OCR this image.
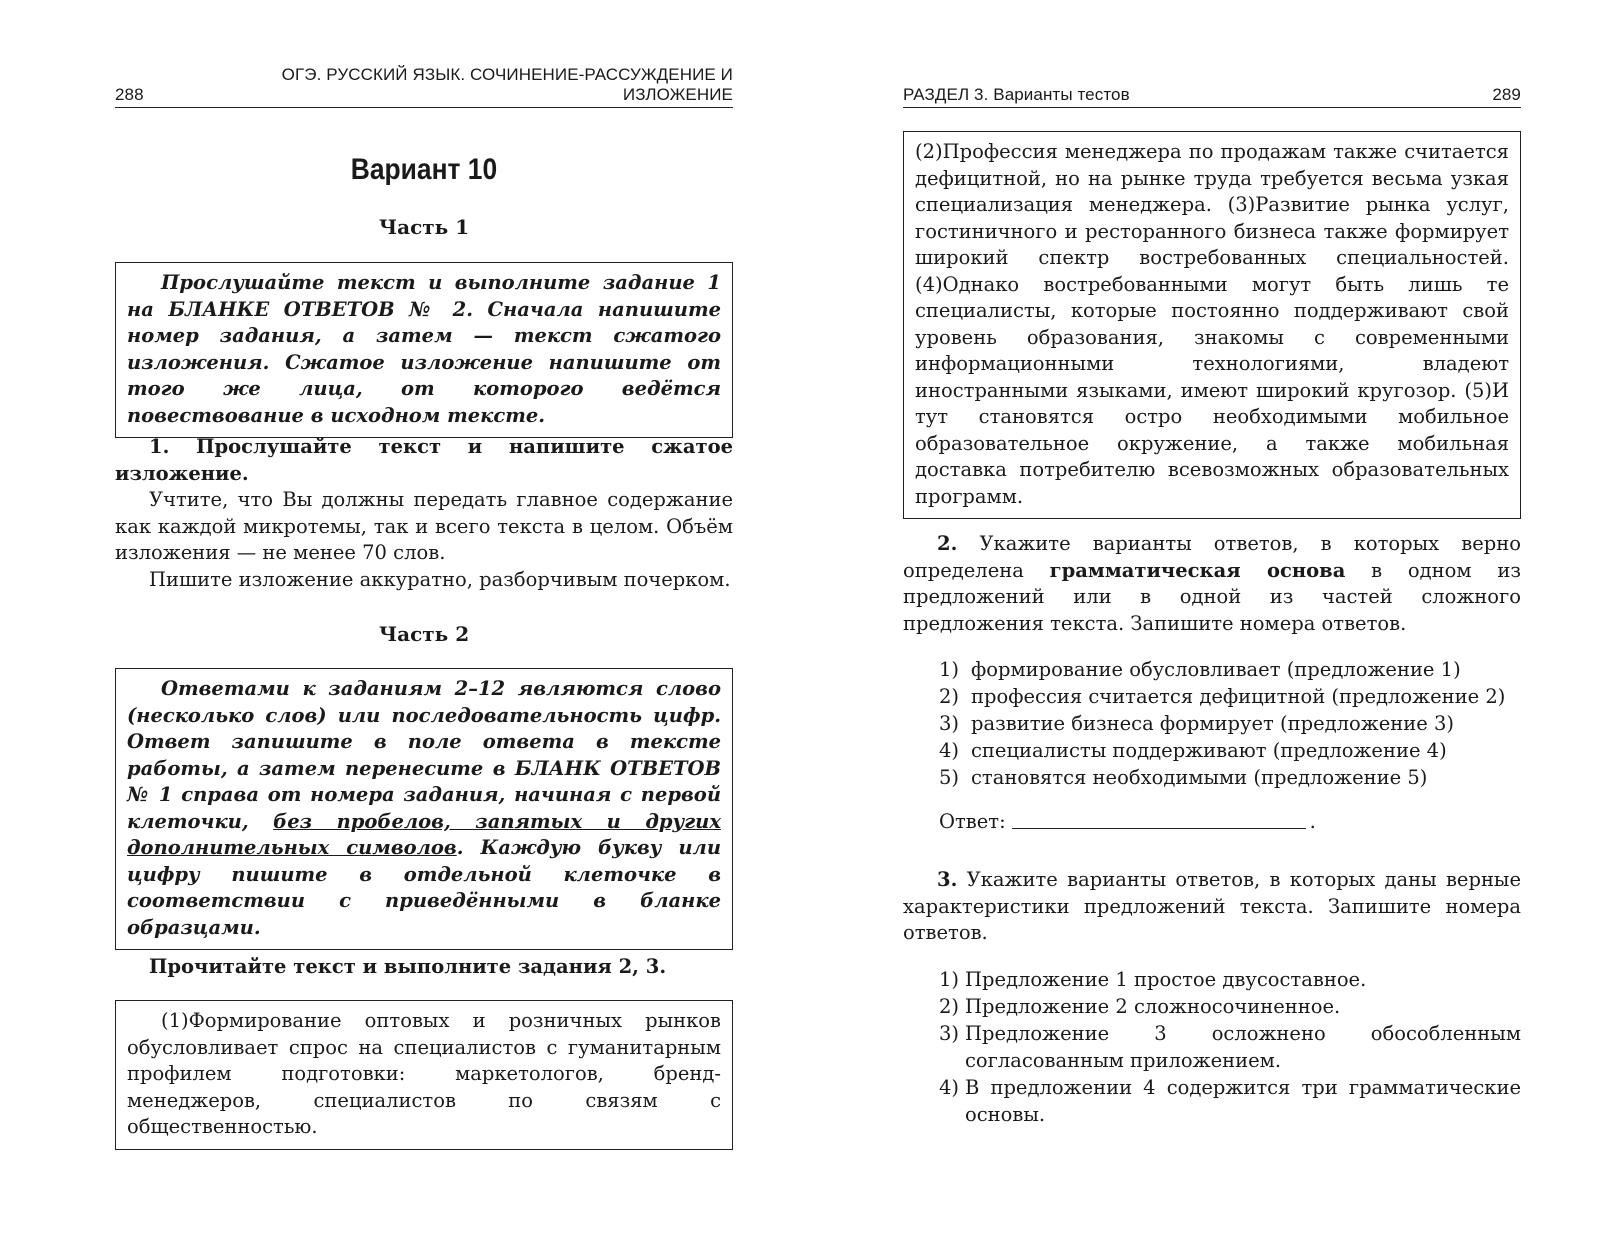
288
ОГЭ. РУССКИЙ ЯЗЫК. СОЧИНЕНИЕ-РАССУЖДЕНИЕ И ИЗЛОЖЕНИЕ
Вариант 10
Часть 1

Прослушайте текст и выполните задание 1 на БЛАНКЕ ОТВЕТОВ № 2. Сначала напишите номер задания, а затем — текст сжатого изложения. Сжатое изложение напишите от того же лица, от которого ведётся повествование в исходном тексте.

1. Прослушайте текст и напишите сжатое изложение.

Учтите, что Вы должны передать главное содержание как каждой микротемы, так и всего текста в целом. Объём изложения — не менее 70 слов.

Пишите изложение аккуратно, разборчивым почерком.

Часть 2

Ответами к заданиям 2–12 являются слово (несколько слов) или последовательность цифр. Ответ запишите в поле ответа в тексте работы, а затем перенесите в БЛАНК ОТВЕТОВ № 1 справа от номера задания, начиная с первой клеточки, без пробелов, запятых и других дополнительных символов. Каждую букву или цифру пишите в отдельной клеточке в соответствии с приведёнными в бланке образцами.

Прочитайте текст и выполните задания 2, 3.

(1)Формирование оптовых и розничных рынков обусловливает спрос на специалистов с гуманитарным профилем подготовки: маркетологов, бренд-менеджеров, специалистов по связям с общественностью.

РАЗДЕЛ 3. Варианты тестов	289

(2)Профессия менеджера по продажам также считается дефицитной, но на рынке труда требуется весьма узкая специализация менеджера. (3)Развитие рынка услуг, гостиничного и ресторанного бизнеса также формирует широкий спектр востребованных специальностей. (4)Однако востребованными могут быть лишь те специалисты, которые постоянно поддерживают свой уровень образования, знакомы с современными информационными технологиями, владеют иностранными языками, имеют широкий кругозор. (5)И тут становятся остро необходимыми мобильное образовательное окружение, а также мобильная доставка потребителю всевозможных образовательных программ.

2. Укажите варианты ответов, в которых верно определена грамматическая основа в одном из предложений или в одной из частей сложного предложения текста. Запишите номера ответов.

1) формирование обусловливает (предложение 1)
2) профессия считается дефицитной (предложение 2)
3) развитие бизнеса формирует (предложение 3)
4) специалисты поддерживают (предложение 4)
5) становятся необходимыми (предложение 5)
Ответ:	.

3. Укажите варианты ответов, в которых даны верные характеристики предложений текста. Запишите номера ответов.

1) Предложение 1 простое двусоставное.
2) Предложение 2 сложносочиненное.
3) Предложение 3 осложнено обособленным согласованным приложением.
4) В предложении 4 содержится три грамматические основы.
